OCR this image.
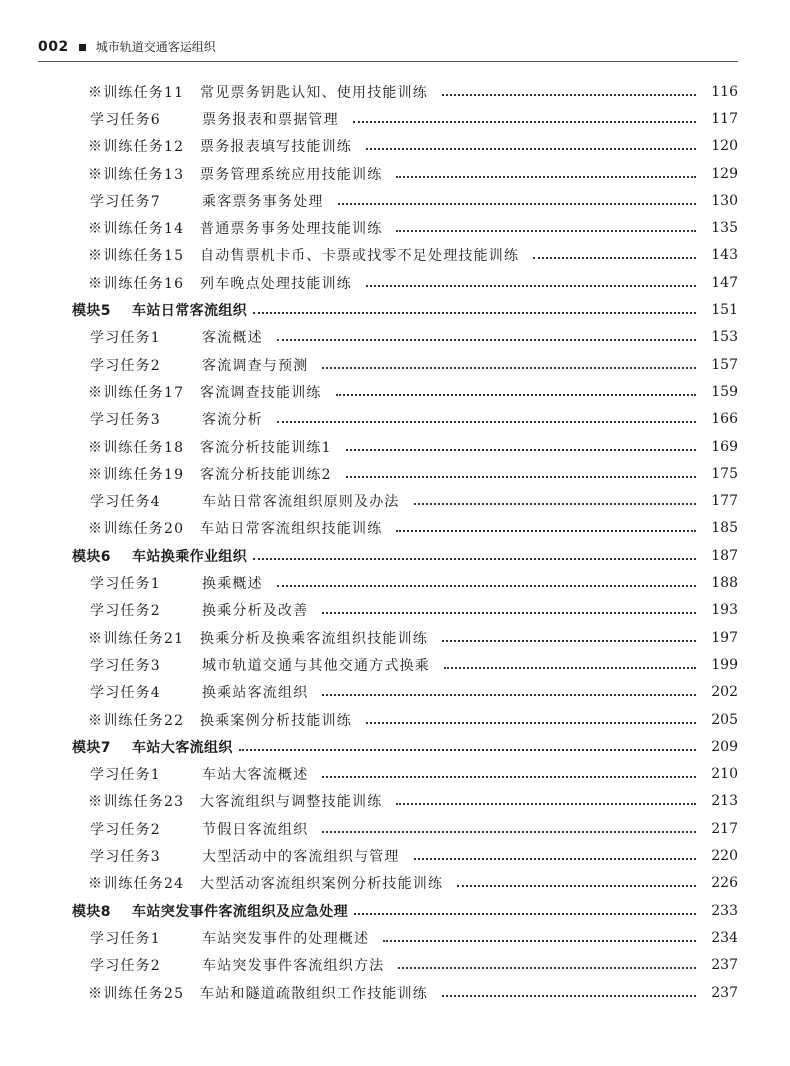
002 城市轨道交通客运组织
※训练任务11	常见票务钥匙认知、使用技能训练	116
学习任务6	票务报表和票据管理	117
※训练任务12	票务报表填写技能训练	120
※训练任务13	票务管理系统应用技能训练	129
学习任务7	乘客票务事务处理	130
※训练任务14	普通票务事务处理技能训练	135
※训练任务15	自动售票机卡币、卡票或找零不足处理技能训练	143
※训练任务16	列车晚点处理技能训练	147
模块5	车站日常客流组织	151
学习任务1	客流概述	153
学习任务2	客流调查与预测	157
※训练任务17	客流调查技能训练	159
学习任务3	客流分析	166
※训练任务18	客流分析技能训练1	169
※训练任务19	客流分析技能训练2	175
学习任务4	车站日常客流组织原则及办法	177
※训练任务20	车站日常客流组织技能训练	185
模块6	车站换乘作业组织	187
学习任务1	换乘概述	188
学习任务2	换乘分析及改善	193
※训练任务21	换乘分析及换乘客流组织技能训练	197
学习任务3	城市轨道交通与其他交通方式换乘	199
学习任务4	换乘站客流组织	202
※训练任务22	换乘案例分析技能训练	205
模块7	车站大客流组织	209
学习任务1	车站大客流概述	210
※训练任务23	大客流组织与调整技能训练	213
学习任务2	节假日客流组织	217
学习任务3	大型活动中的客流组织与管理	220
※训练任务24	大型活动客流组织案例分析技能训练	226
模块8	车站突发事件客流组织及应急处理	233
学习任务1	车站突发事件的处理概述	234
学习任务2	车站突发事件客流组织方法	237
※训练任务25	车站和隧道疏散组织工作技能训练	237
